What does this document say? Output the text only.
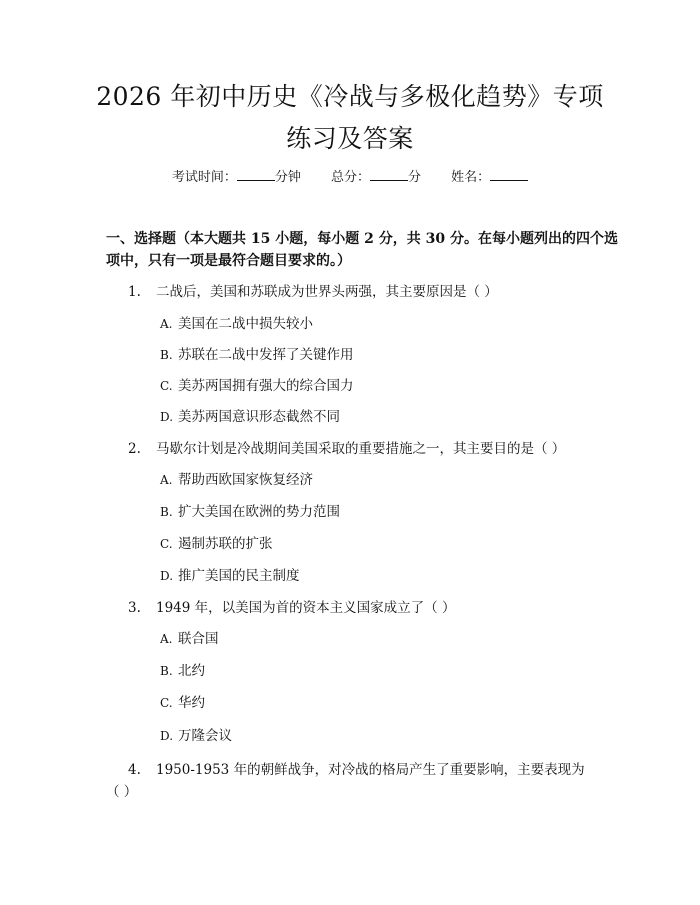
2026 年初中历史《冷战与多极化趋势》专项
练习及答案
考试时间：	分钟 总分：	分 姓名：
一、选择题（本大题共 15 小题，每小题 2 分，共 30 分。在每小题列出的四个选
项中，只有一项是最符合题目要求的。）
1. 二战后，美国和苏联成为世界头两强，其主要原因是（ ）
A. 美国在二战中损失较小
B. 苏联在二战中发挥了关键作用
C. 美苏两国拥有强大的综合国力
D. 美苏两国意识形态截然不同
2. 马歇尔计划是冷战期间美国采取的重要措施之一，其主要目的是（ ）
A. 帮助西欧国家恢复经济
B. 扩大美国在欧洲的势力范围
C. 遏制苏联的扩张
D. 推广美国的民主制度
3. 1949 年，以美国为首的资本主义国家成立了（ ）
A. 联合国
B. 北约
C. 华约
D. 万隆会议
4. 1950-1953 年的朝鲜战争，对冷战的格局产生了重要影响，主要表现为
（ ）
